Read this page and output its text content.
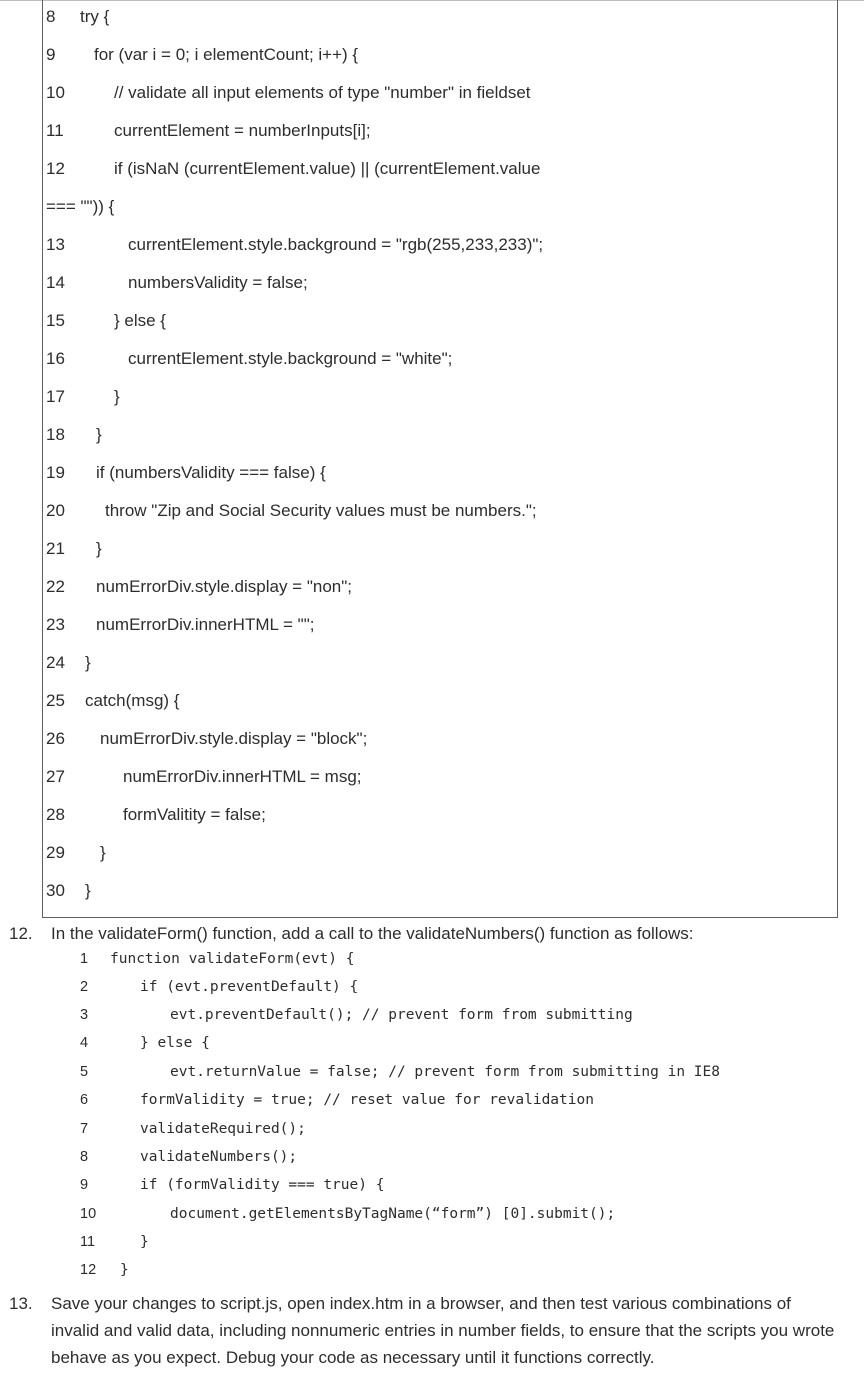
8 try {
9 for (var i = 0; i elementCount; i++) {
10	// validate all input elements of type "number" in fieldset
11	currentElement = numberInputs[i];
12	if (isNaN (currentElement.value) || (currentElement.value
=== "")) {
13	currentElement.style.background = "rgb(255,233,233)";
14	numbersValidity = false;
15	} else {
16	currentElement.style.background = "white";
17	}
18 }
19 if (numbersValidity === false) {
20 throw "Zip and Social Security values must be numbers.";
21 }
22 numErrorDiv.style.display = "non";
23 numErrorDiv.innerHTML = "";
24 }
25 catch(msg) {
26 numErrorDiv.style.display = "block";
27	numErrorDiv.innerHTML = msg;
28	formValitity = false;
29 }
30 }
12. In the validateForm() function, add a call to the validateNumbers() function as follows:
1 function validateForm(evt) {
2	if (evt.preventDefault) {
3	evt.preventDefault(); // prevent form from submitting
4	} else {
5	evt.returnValue = false; // prevent form from submitting in IE8
6	formValidity = true; // reset value for revalidation
7	validateRequired();
8	validateNumbers();
9	if (formValidity === true) {
10	document.getElementsByTagName(“form”) [0].submit();
11	}
12 }
13. Save your changes to script.js, open index.htm in a browser, and then test various combinations of invalid and valid data, including nonnumeric entries in number fields, to ensure that the scripts you wrote behave as you expect. Debug your code as necessary until it functions correctly.
